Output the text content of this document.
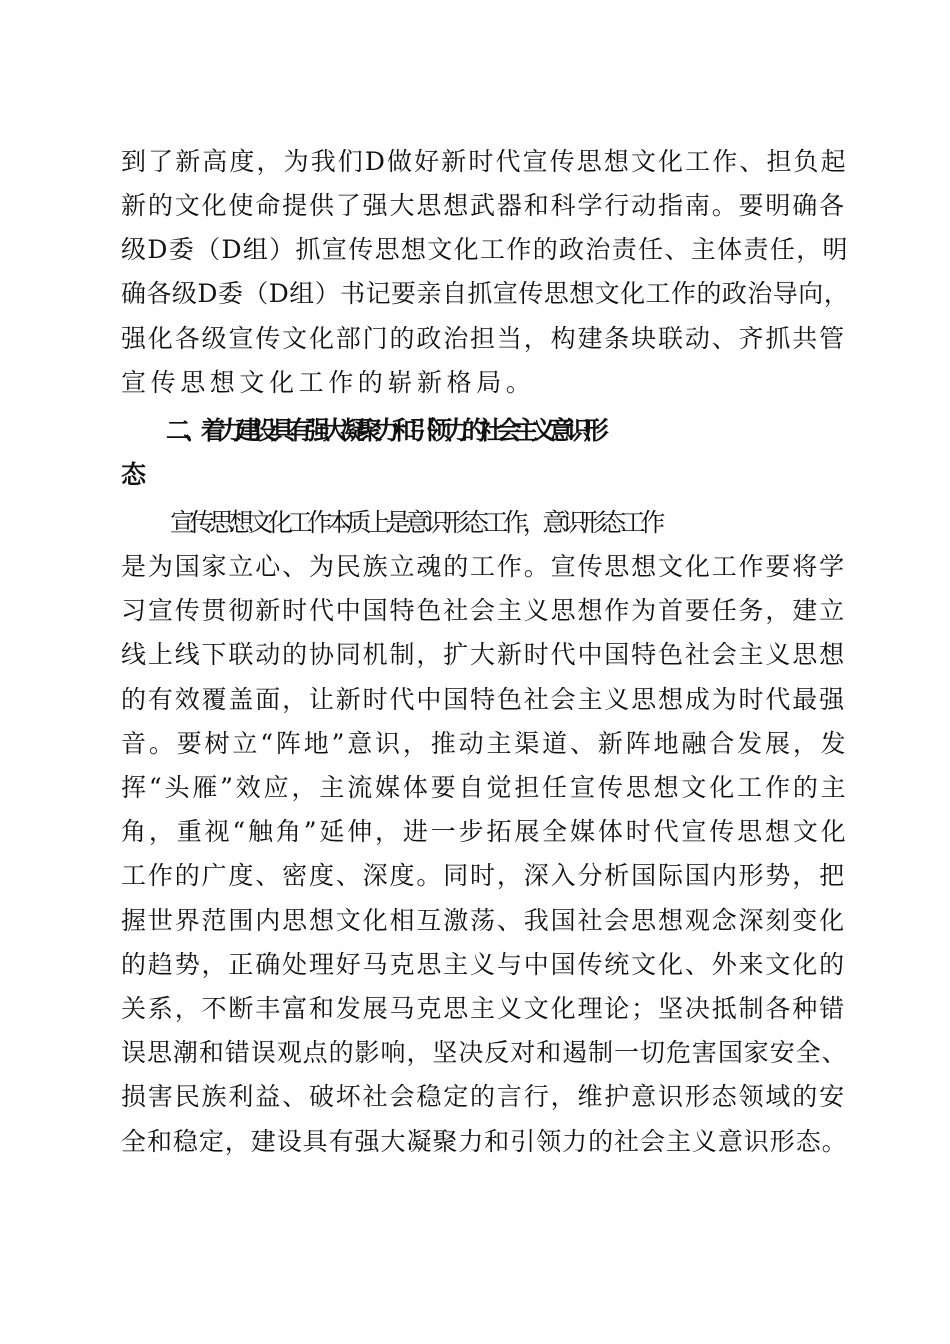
到了新高度，为我们D做好新时代宣传思想文化工作、担负起
新的文化使命提供了强大思想武器和科学行动指南。要明确各
级D委（D组）抓宣传思想文化工作的政治责任、主体责任，明
确各级D委（D组）书记要亲自抓宣传思想文化工作的政治导向，
强化各级宣传文化部门的政治担当，构建条块联动、齐抓共管
宣传思想文化工作的崭新格局。
二、着力建设具有强大凝聚力和引领力的社会主义意识形
态
宣传思想文化工作本质上是意识形态工作，意识形态工作
是为国家立心、为民族立魂的工作。宣传思想文化工作要将学
习宣传贯彻新时代中国特色社会主义思想作为首要任务，建立
线上线下联动的协同机制，扩大新时代中国特色社会主义思想
的有效覆盖面，让新时代中国特色社会主义思想成为时代最强
音。要树立“阵地”意识，推动主渠道、新阵地融合发展，发
挥“头雁”效应，主流媒体要自觉担任宣传思想文化工作的主
角，重视“触角”延伸，进一步拓展全媒体时代宣传思想文化
工作的广度、密度、深度。同时，深入分析国际国内形势，把
握世界范围内思想文化相互激荡、我国社会思想观念深刻变化
的趋势，正确处理好马克思主义与中国传统文化、外来文化的
关系，不断丰富和发展马克思主义文化理论；坚决抵制各种错
误思潮和错误观点的影响，坚决反对和遏制一切危害国家安全、
损害民族利益、破坏社会稳定的言行，维护意识形态领域的安
全和稳定，建设具有强大凝聚力和引领力的社会主义意识形态。
